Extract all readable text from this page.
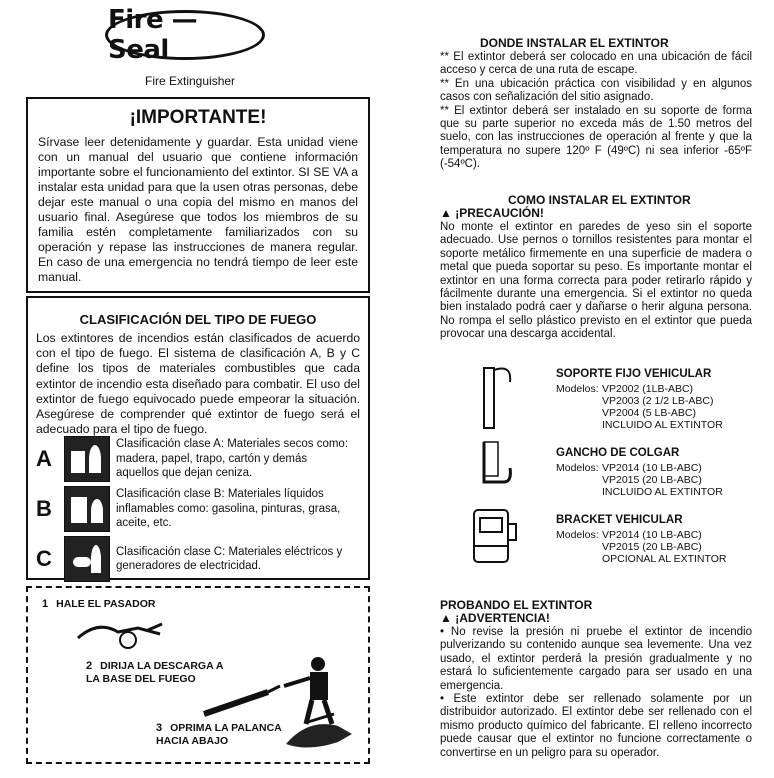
Fire — Seal
Fire Extinguisher
¡IMPORTANTE!

Sírvase leer detenidamente y guardar. Esta unidad viene con un manual del usuario que contiene información importante sobre el funcionamiento del extintor. SI SE VA a instalar esta unidad para que la usen otras personas, debe dejar este manual o una copia del mismo en manos del usuario final. Asegúrese que todos los miembros de su familia estén completamente familiarizados con su operación y repase las instrucciones de manera regular. En caso de una emergencia no tendrá tiempo de leer este manual.

CLASIFICACIÓN DEL TIPO DE FUEGO

Los extintores de incendios están clasificados de acuerdo con el tipo de fuego. El sistema de clasificación A, B y C define los tipos de materiales combustibles que cada extintor de incendio esta diseñado para combatir. El uso del extintor de fuego equivocado puede empeorar la situación. Asegúrese de comprender qué extintor de fuego será el adecuado para el tipo de fuego.

A
Clasificación clase A: Materiales secos como: madera, papel, trapo, cartón y demás aquellos que dejan ceniza.
B
Clasificación clase B: Materiales líquidos inflamables como: gasolina, pinturas, grasa, aceite, etc.
C	Clasificación clase C: Materiales eléctricos y generadores de electricidad.
1 HALE EL PASADOR
2 DIRIJA LA DESCARGA A LA BASE DEL FUEGO
3 OPRIMA LA PALANCA HACIA ABAJO
DONDE INSTALAR EL EXTINTOR
** El extintor deberá ser colocado en una ubicación de fácil acceso y cerca de una ruta de escape.
** En una ubicación práctica con visibilidad y en algunos casos con señalización del sitio asignado.
** El extintor deberá ser instalado en su soporte de forma que su parte superior no exceda más de 1.50 metros del suelo, con las instrucciones de operación al frente y que la temperatura no supere 120º F (49ºC) ni sea inferior -65ºF (-54ºC).
COMO INSTALAR EL EXTINTOR
▲ ¡PRECAUCIÓN!
No monte el extintor en paredes de yeso sin el soporte adecuado. Use pernos o tornillos resistentes para montar el soporte metálico firmemente en una superficie de madera o metal que pueda soportar su peso. Es importante montar el extintor en una forma correcta para poder retirarlo rápido y fácilmente durante una emergencia. Si el extintor no queda bien instalado podrá caer y dañarse o herir alguna persona. No rompa el sello plástico previsto en el extintor que pueda provocar una descarga accidental.
SOPORTE FIJO VEHICULAR
Modelos: VP2002 (1LB-ABC)
VP2003 (2 1/2 LB-ABC)
VP2004 (5 LB-ABC)
INCLUIDO AL EXTINTOR
GANCHO DE COLGAR
Modelos: VP2014 (10 LB-ABC)
VP2015 (20 LB-ABC)
INCLUIDO AL EXTINTOR
BRACKET VEHICULAR
Modelos: VP2014 (10 LB-ABC)
VP2015 (20 LB-ABC)
OPCIONAL AL EXTINTOR
PROBANDO EL EXTINTOR
▲ ¡ADVERTENCIA!
• No revise la presión ni pruebe el extintor de incendio pulverizando su contenido aunque sea levemente. Una vez usado, el extintor perderá la presión gradualmente y no estará lo suficientemente cargado para ser usado en una emergencia.
• Este extintor debe ser rellenado solamente por un distribuidor autorizado. El extintor debe ser rellenado con el mismo producto químico del fabricante. El relleno incorrecto puede causar que el extintor no funcione correctamente o convertirse en un peligro para su operador.
